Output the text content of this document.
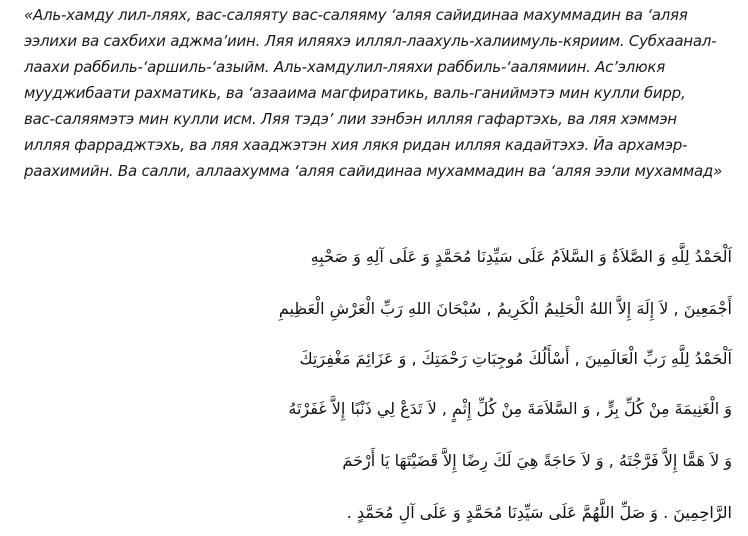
«Аль-хамду лил-ляях, вас-саляяту вас-саляяму ‘аляя сайидинаа махуммадин ва ‘аляя
ээлихи ва сахбихи аджма’иин. Ляя иляяхэ иллял-лаахуль-халиимуль-кяриим. Субхаанал-
лаахи раббиль-‘аршиль-‘азыйм. Аль-хамдулил-ляяхи раббиль-‘аалямиин. Ас’элюкя
мууджибаати рахматикь, ва ‘азааима магфиратикь, валь-ганиймэтэ мин кулли бирр,
вас-саляямэтэ мин кулли исм. Ляя тэдэ’ лии зэнбэн илляя гафартэхь, ва ляя хэммэн
илляя фарраджтэхь, ва ляя хааджэтэн хия лякя ридан илляя кадайтэхэ. Йа архамэр-
раахимийн. Ва салли, аллаахумма ‘аляя сайидинаа мухаммадин ва ‘аляя ээли мухаммад»
اَلْحَمْدُ لِلَّهِ وَ الصَّلاَةُ وَ السَّلاَمُ عَلَى سَيِّدِنَا مُحَمَّدٍ وَ عَلَى آلِهِ وَ صَحْبِهِ
أَجْمَعِينَ , لاَ إِلَهَ إِلاَّ اللهُ الْحَلِيمُ الْكَرِيمُ , سُبْحَانَ اللهِ رَبِّ الْعَرْشِ الْعَظِيمِ
اَلْحَمْدُ لِلَّهِ رَبِّ الْعَالَمِينَ , أَسْأَلُكَ مُوجِبَاتِ رَحْمَتِكَ , وَ عَزَائِمَ مَغْفِرَتِكَ
وَ الْغَنِيمَةَ مِنْ كُلِّ بِرٍّ , وَ السَّلاَمَةَ مِنْ كُلِّ إِثْمٍ , لاَ تَدَعْ لِي ذَنْبًا إِلاَّ غَفَرْتَهُ
وَ لاَ هَمًّا إِلاَّ فَرَّجْتَهُ , وَ لاَ حَاجَةً هِيَ لَكَ رِضًا إِلاَّ قَضَيْتَهَا يَا أَرْحَمَ
الرَّاحِمِينَ . وَ صَلِّ اللَّهُمَّ عَلَى سَيِّدِنَا مُحَمَّدٍ وَ عَلَى آلِ مُحَمَّدٍ .
